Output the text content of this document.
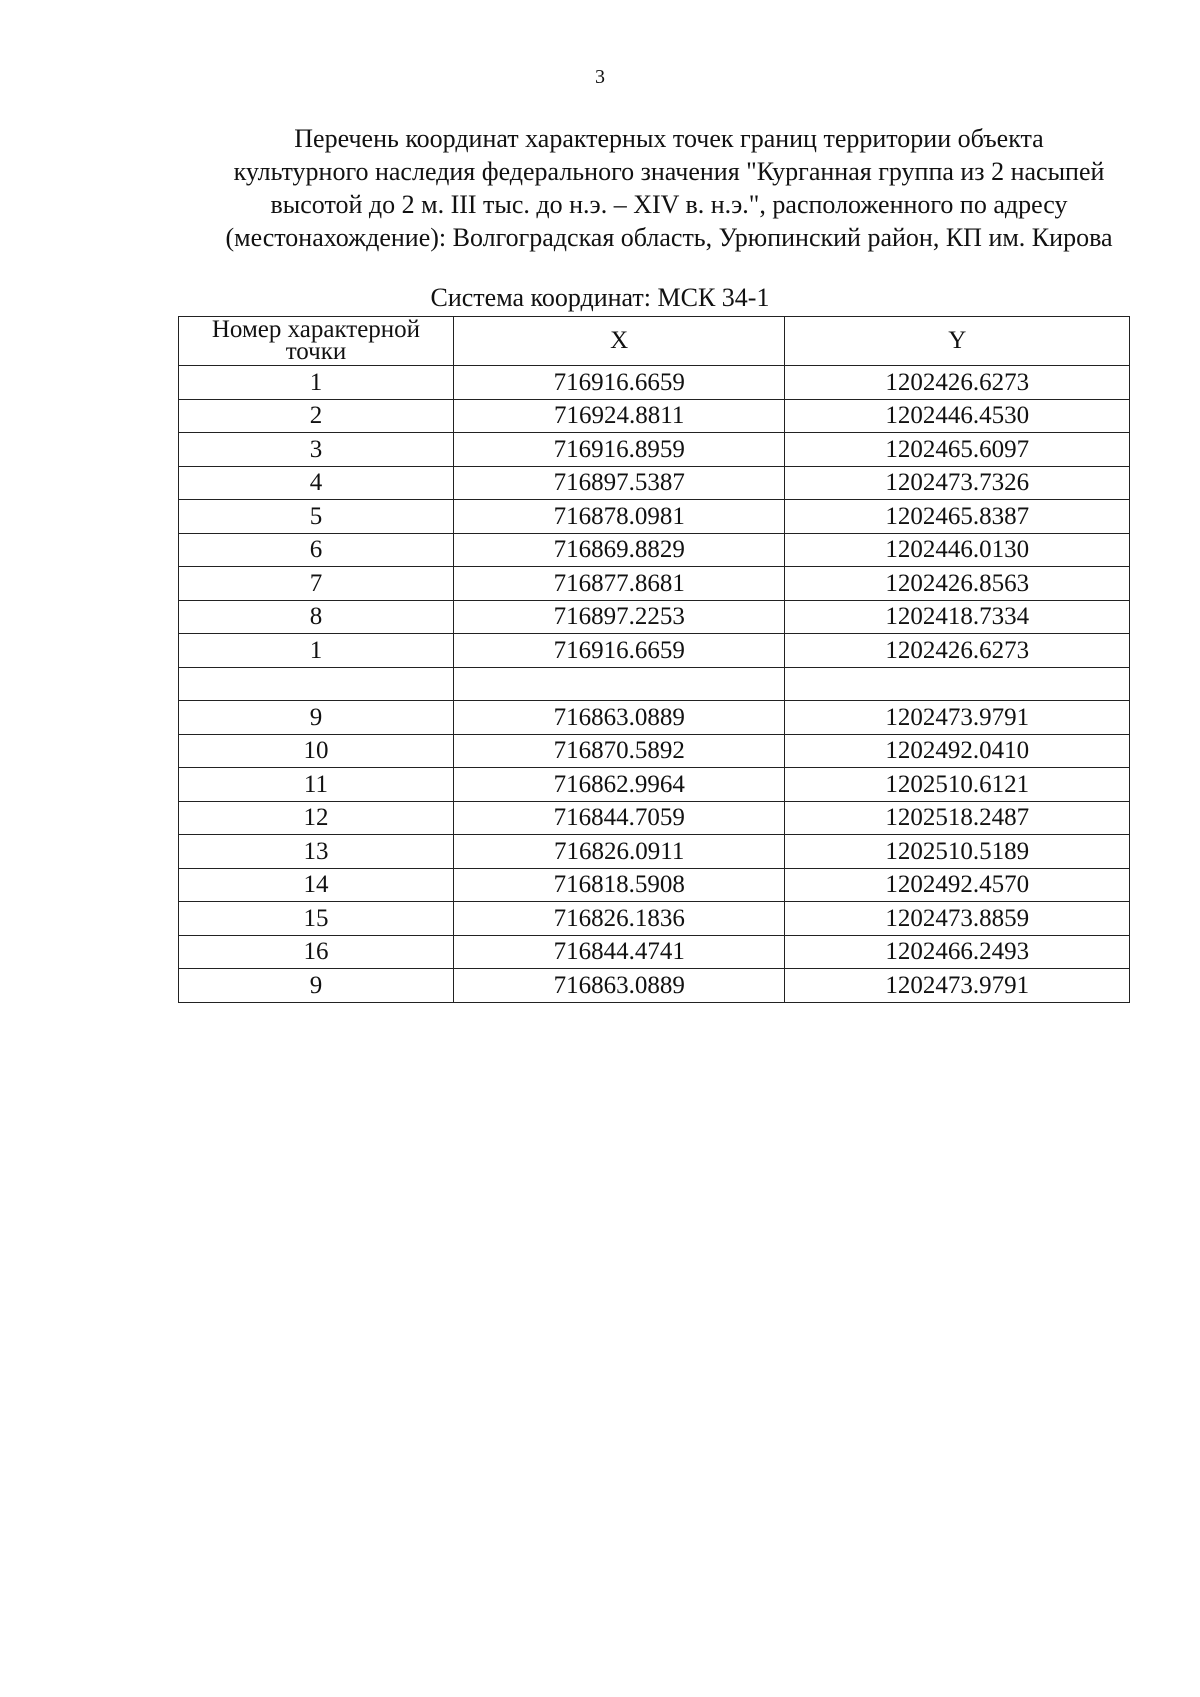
3
Перечень координат характерных точек границ территории объекта
культурного наследия федерального значения "Курганная группа из 2 насыпей
высотой до 2 м. III тыс. до н.э. – XIV в. н.э.", расположенного по адресу
(местонахождение): Волгоградская область, Урюпинский район, КП им. Кирова
Система координат: МСК 34-1
Номер характерной точки	X	Y
1	716916.6659	1202426.6273
2	716924.8811	1202446.4530
3	716916.8959	1202465.6097
4	716897.5387	1202473.7326
5	716878.0981	1202465.8387
6	716869.8829	1202446.0130
7	716877.8681	1202426.8563
8	716897.2253	1202418.7334
1	716916.6659	1202426.6273

9	716863.0889	1202473.9791
10	716870.5892	1202492.0410
11	716862.9964	1202510.6121
12	716844.7059	1202518.2487
13	716826.0911	1202510.5189
14	716818.5908	1202492.4570
15	716826.1836	1202473.8859
16	716844.4741	1202466.2493
9	716863.0889	1202473.9791
